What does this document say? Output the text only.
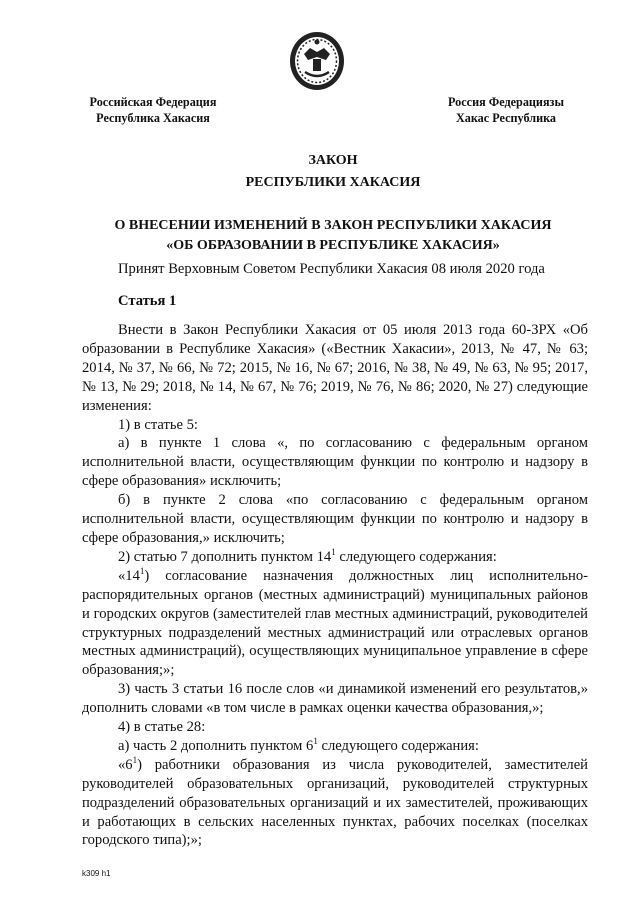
Российская Федерация
Республика Хакасия
Россия Федерациязы
Хакас Республика
ЗАКОН
РЕСПУБЛИКИ ХАКАСИЯ
О ВНЕСЕНИИ ИЗМЕНЕНИЙ В ЗАКОН РЕСПУБЛИКИ ХАКАСИЯ
«ОБ ОБРАЗОВАНИИ В РЕСПУБЛИКЕ ХАКАСИЯ»
Принят Верховным Советом Республики Хакасия 08 июля 2020 года
Статья 1

Внести в Закон Республики Хакасия от 05 июля 2013 года 60-ЗРХ «Об образовании в Республике Хакасия» («Вестник Хакасии», 2013, № 47, № 63; 2014, № 37, № 66, № 72; 2015, № 16, № 67; 2016, № 38, № 49, № 63, № 95; 2017, № 13, № 29; 2018, № 14, № 67, № 76; 2019, № 76, № 86; 2020, № 27) следующие изменения:

1) в статье 5:

а) в пункте 1 слова «, по согласованию с федеральным органом исполнительной власти, осуществляющим функции по контролю и надзору в сфере образования» исключить;

б) в пункте 2 слова «по согласованию с федеральным органом исполнительной власти, осуществляющим функции по контролю и надзору в сфере образования,» исключить;

2) статью 7 дополнить пунктом $14^1$ следующего содержания:

«$14^1$) согласование назначения должностных лиц исполнительно-распорядительных органов (местных администраций) муниципальных районов и городских округов (заместителей глав местных администраций, руководителей структурных подразделений местных администраций или отраслевых органов местных администраций), осуществляющих муниципальное управление в сфере образования;»;

3) часть 3 статьи 16 после слов «и динамикой изменений его результатов,» дополнить словами «в том числе в рамках оценки качества образования,»;

4) в статье 28:

а) часть 2 дополнить пунктом $6^1$ следующего содержания:

«$6^1$) работники образования из числа руководителей, заместителей руководителей образовательных организаций, руководителей структурных подразделений образовательных организаций и их заместителей, проживающих и работающих в сельских населенных пунктах, рабочих поселках (поселках городского типа);»;

k309 h1
